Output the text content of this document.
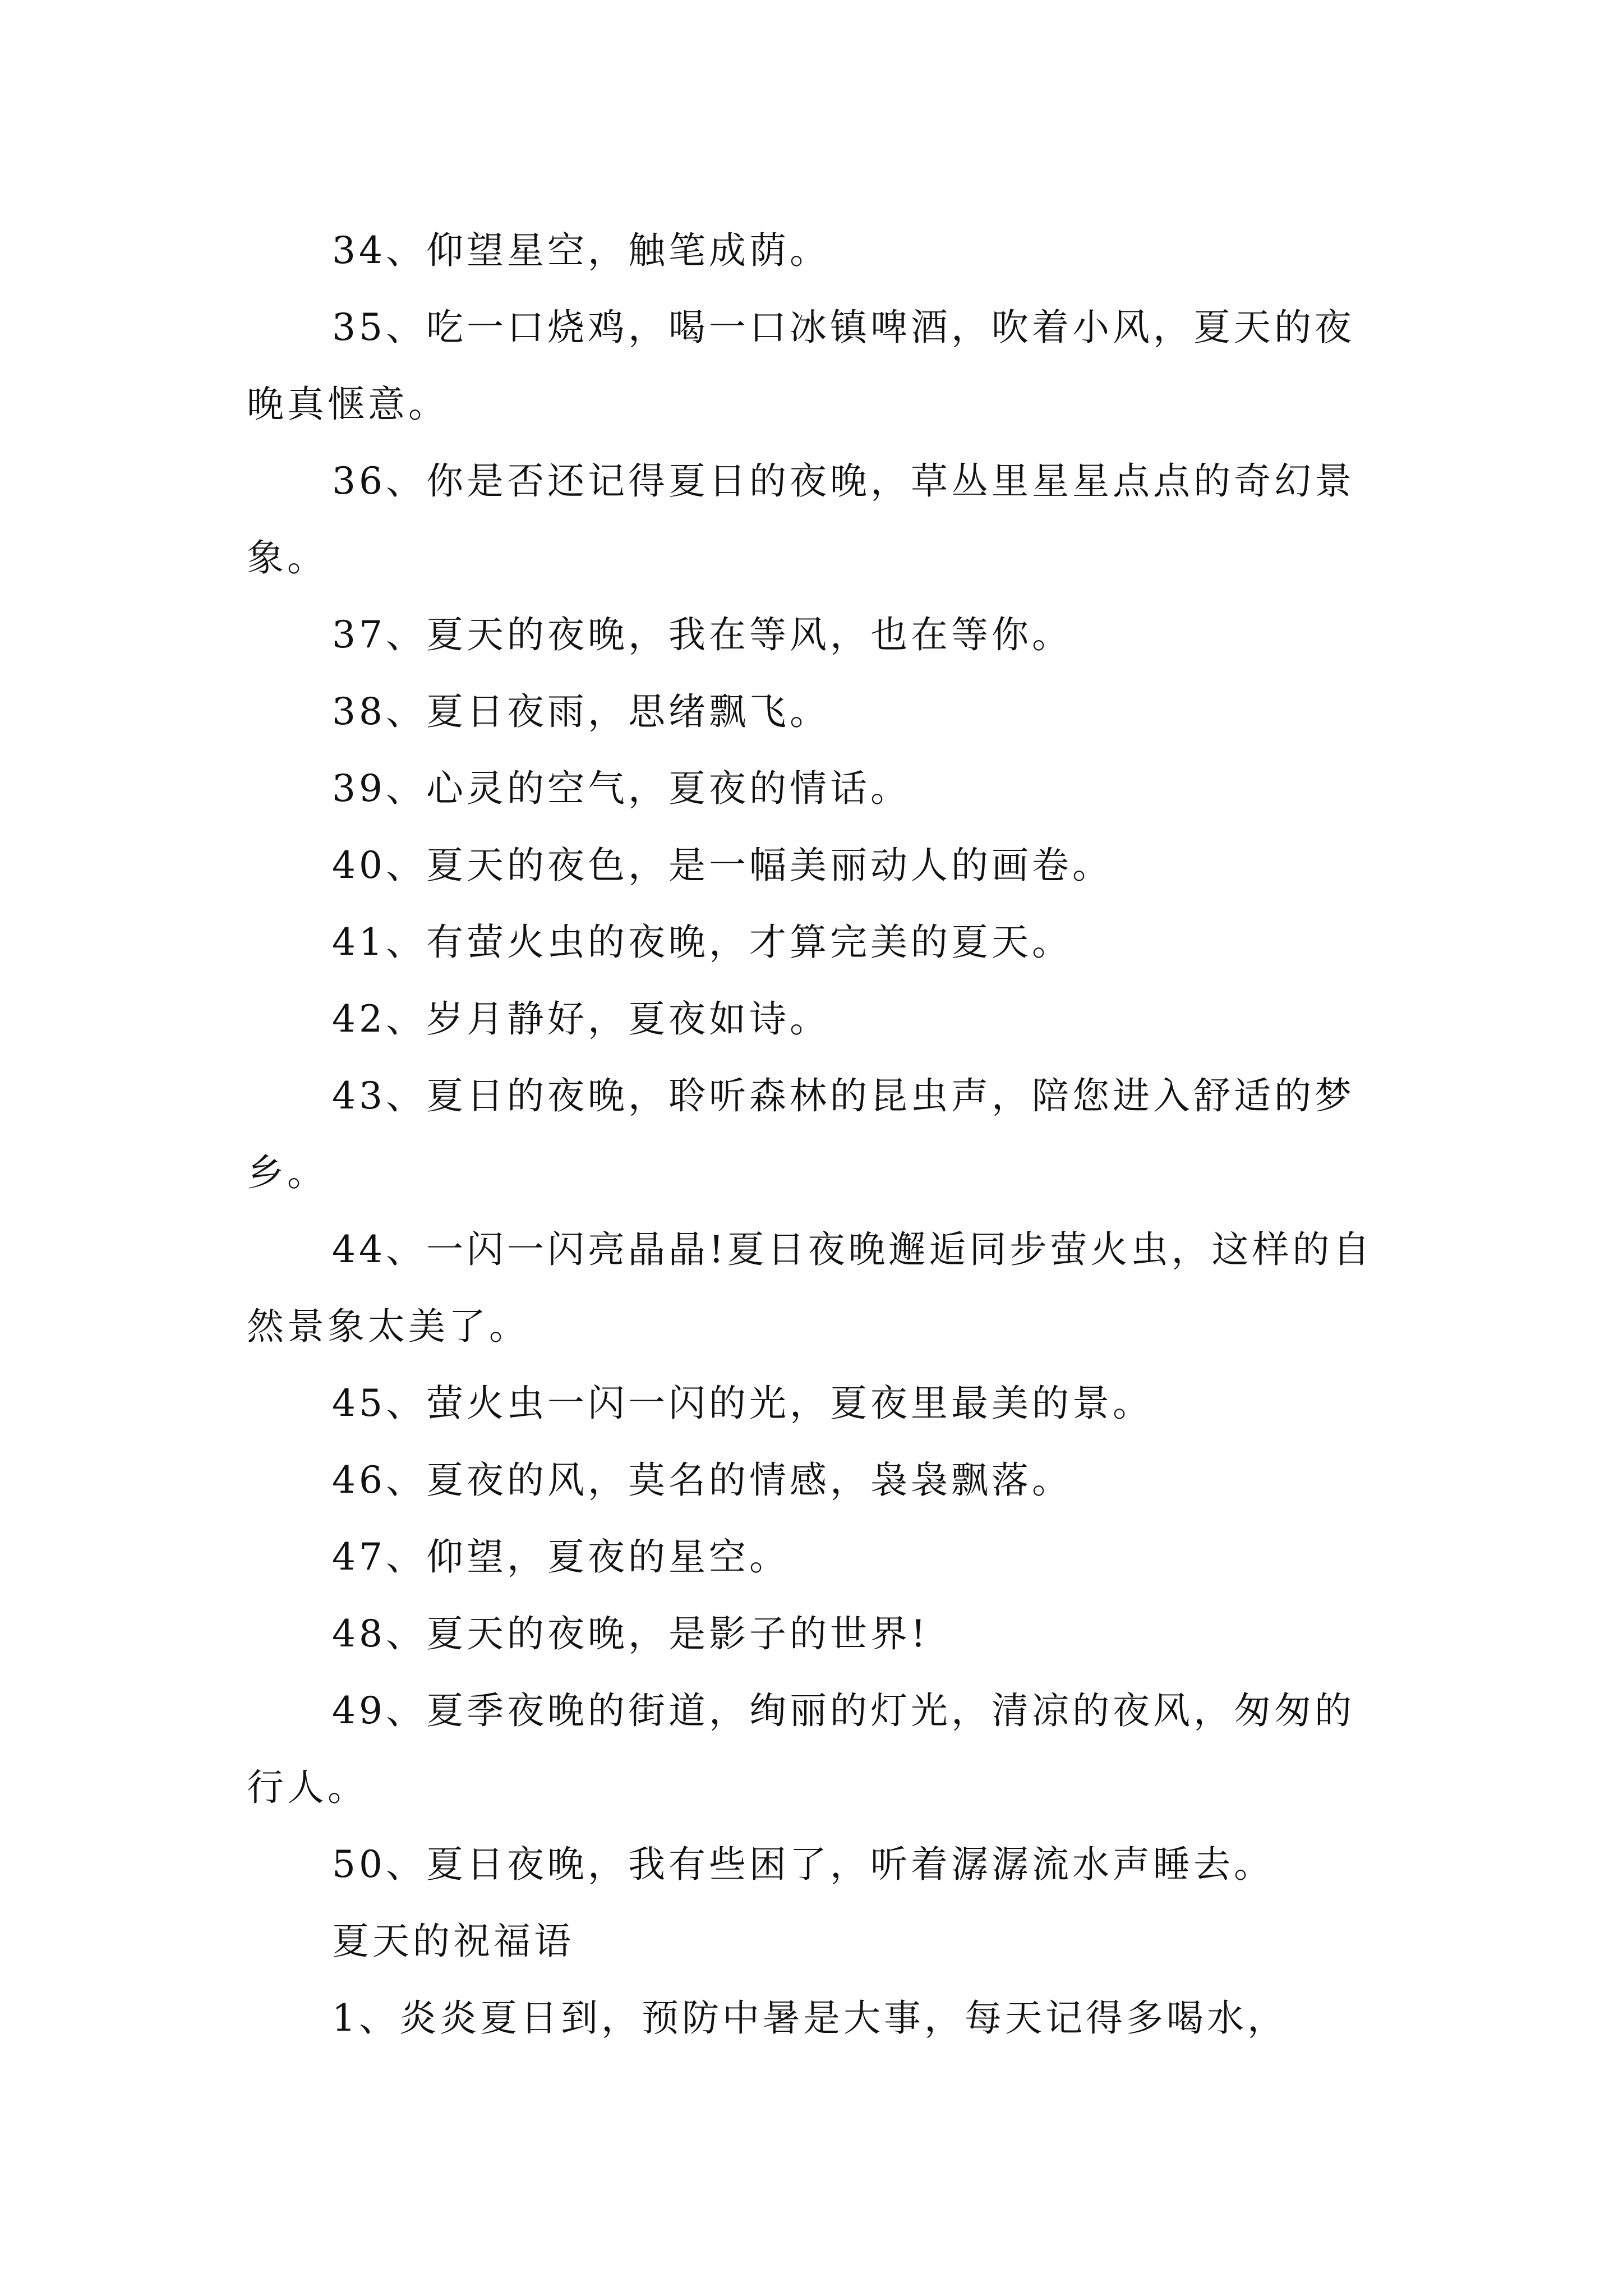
34、仰望星空，触笔成荫。

35、吃一口烧鸡，喝一口冰镇啤酒，吹着小风，夏天的夜晚真惬意。

36、你是否还记得夏日的夜晚，草丛里星星点点的奇幻景象。

37、夏天的夜晚，我在等风，也在等你。

38、夏日夜雨，思绪飘飞。

39、心灵的空气，夏夜的情话。

40、夏天的夜色，是一幅美丽动人的画卷。

41、有萤火虫的夜晚，才算完美的夏天。

42、岁月静好，夏夜如诗。

43、夏日的夜晚，聆听森林的昆虫声，陪您进入舒适的梦乡。

44、一闪一闪亮晶晶!夏日夜晚邂逅同步萤火虫，这样的自然景象太美了。

45、萤火虫一闪一闪的光，夏夜里最美的景。

46、夏夜的风，莫名的情感，袅袅飘落。

47、仰望，夏夜的星空。

48、夏天的夜晚，是影子的世界!

49、夏季夜晚的街道，绚丽的灯光，清凉的夜风，匆匆的行人。

50、夏日夜晚，我有些困了，听着潺潺流水声睡去。

夏天的祝福语

1、炎炎夏日到，预防中暑是大事，每天记得多喝水，
